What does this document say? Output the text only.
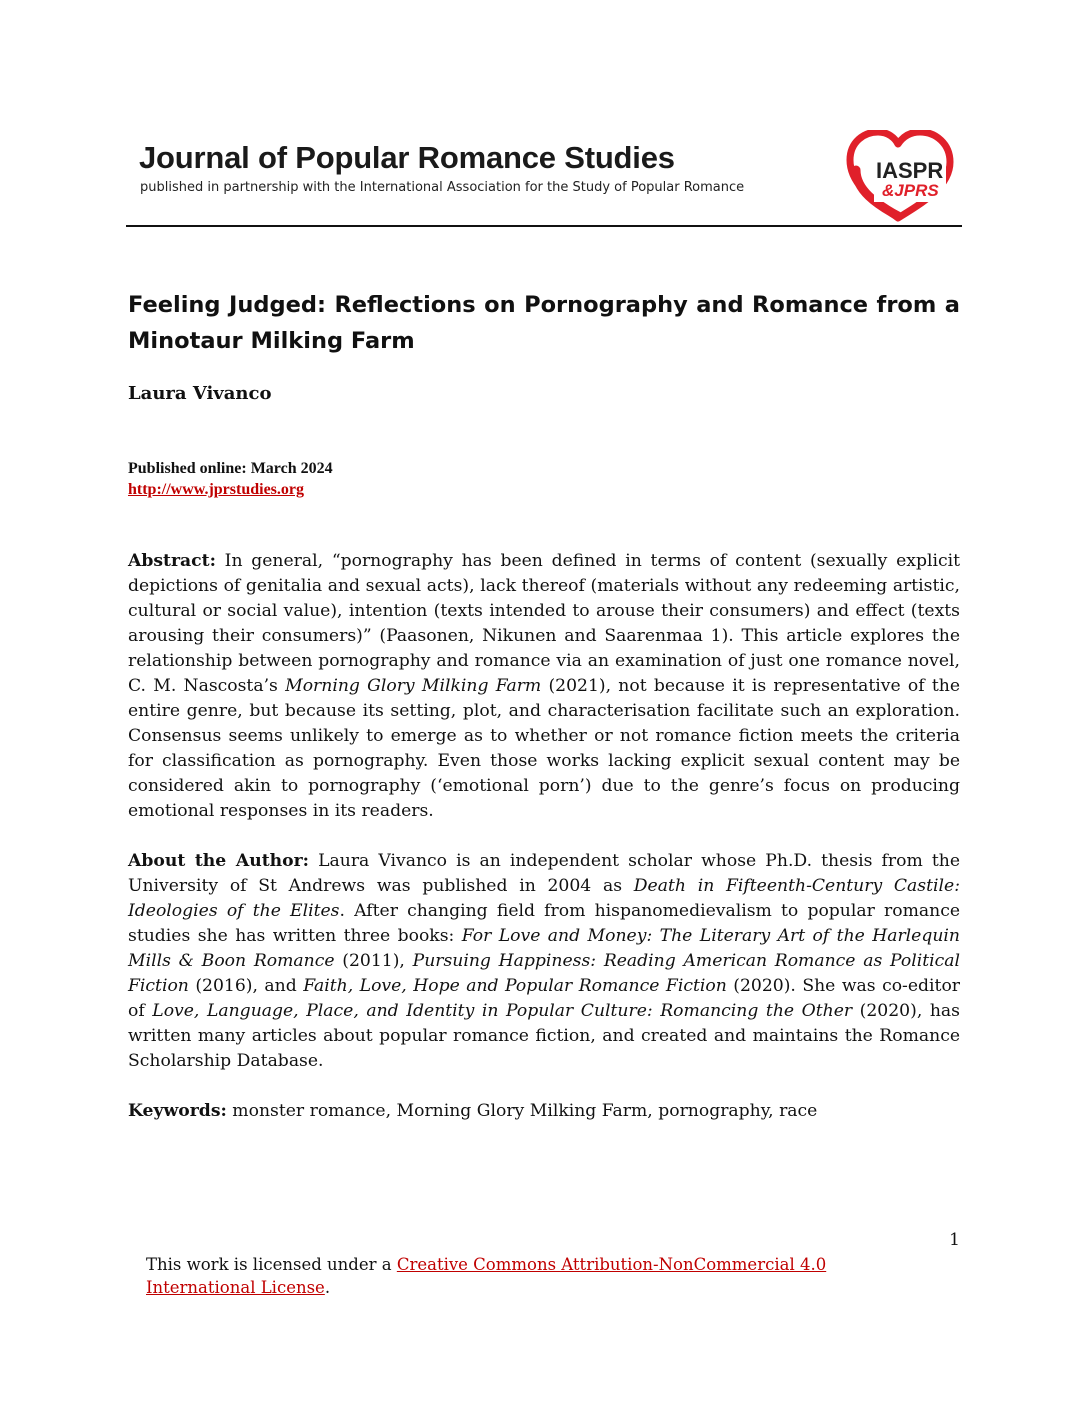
Journal of Popular Romance Studies

published in partnership with the International Association for the Study of Popular Romance

IASPR
&JPRS
Feeling Judged: Reflections on Pornography and Romance from a Minotaur Milking Farm

Laura Vivanco

Published online: March 2024
http://www.jprstudies.org

Abstract: In general, “pornography has been defined in terms of content (sexually explicit depictions of genitalia and sexual acts), lack thereof (materials without any redeeming artistic, cultural or social value), intention (texts intended to arouse their consumers) and effect (texts arousing their consumers)” (Paasonen, Nikunen and Saarenmaa 1). This article explores the relationship between pornography and romance via an examination of just one romance novel, C. M. Nascosta’s Morning Glory Milking Farm (2021), not because it is representative of the entire genre, but because its setting, plot, and characterisation facilitate such an exploration. Consensus seems unlikely to emerge as to whether or not romance fiction meets the criteria for classification as pornography. Even those works lacking explicit sexual content may be considered akin to pornography (‘emotional porn’) due to the genre’s focus on producing emotional responses in its readers.

About the Author: Laura Vivanco is an independent scholar whose Ph.D. thesis from the University of St Andrews was published in 2004 as Death in Fifteenth-Century Castile: Ideologies of the Elites. After changing field from hispanomedievalism to popular romance studies she has written three books: For Love and Money: The Literary Art of the Harlequin Mills & Boon Romance (2011), Pursuing Happiness: Reading American Romance as Political Fiction (2016), and Faith, Love, Hope and Popular Romance Fiction (2020). She was co-editor of Love, Language, Place, and Identity in Popular Culture: Romancing the Other (2020), has written many articles about popular romance fiction, and created and maintains the Romance Scholarship Database.

Keywords: monster romance, Morning Glory Milking Farm, pornography, race

1

This work is licensed under a Creative Commons Attribution-NonCommercial 4.0 International License.
